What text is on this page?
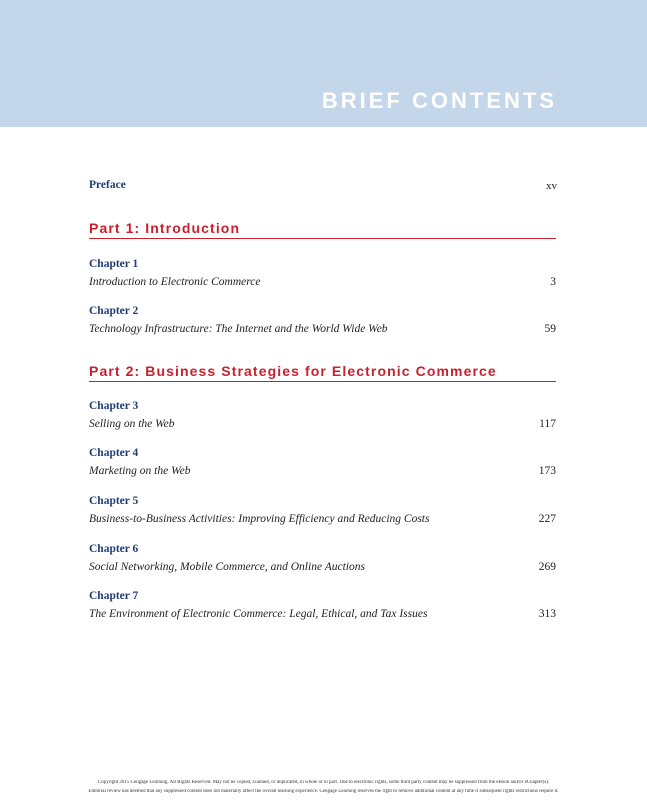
BRIEF CONTENTS
Preface	xv
Part 1: Introduction
Chapter 1
Introduction to Electronic Commerce	3
Chapter 2
Technology Infrastructure: The Internet and the World Wide Web	59
Part 2: Business Strategies for Electronic Commerce
Chapter 3
Selling on the Web	117
Chapter 4
Marketing on the Web	173
Chapter 5
Business-to-Business Activities: Improving Efficiency and Reducing Costs	227
Chapter 6
Social Networking, Mobile Commerce, and Online Auctions	269
Chapter 7
The Environment of Electronic Commerce: Legal, Ethical, and Tax Issues	313
Copyright 2015 Cengage Learning. All Rights Reserved. May not be copied, scanned, or duplicated, in whole or in part. Due to electronic rights, some third party content may be suppressed from the eBook and/or eChapter(s).
Editorial review has deemed that any suppressed content does not materially affect the overall learning experience. Cengage Learning reserves the right to remove additional content at any time if subsequent rights restrictions require it.
